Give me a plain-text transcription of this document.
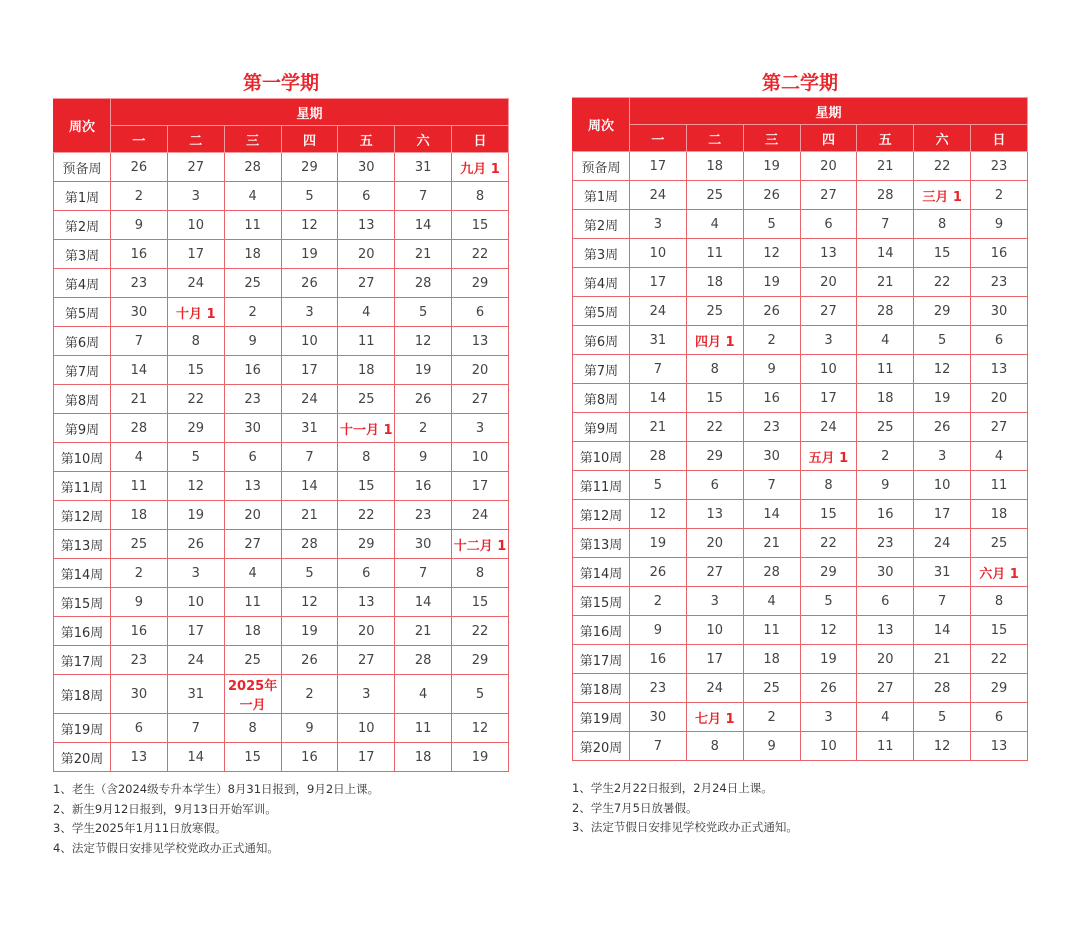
第一学期
周次	星期						
	一	二	三	四	五	六	日
预备周	26	27	28	29	30	31	九月 1
第1周	2	3	4	5	6	7	8
第2周	9	10	11	12	13	14	15
第3周	16	17	18	19	20	21	22
第4周	23	24	25	26	27	28	29
第5周	30	十月 1	2	3	4	5	6
第6周	7	8	9	10	11	12	13
第7周	14	15	16	17	18	19	20
第8周	21	22	23	24	25	26	27
第9周	28	29	30	31	十一月 1	2	3
第10周	4	5	6	7	8	9	10
第11周	11	12	13	14	15	16	17
第12周	18	19	20	21	22	23	24
第13周	25	26	27	28	29	30	十二月 1
第14周	2	3	4	5	6	7	8
第15周	9	10	11	12	13	14	15
第16周	16	17	18	19	20	21	22
第17周	23	24	25	26	27	28	29
第18周	30	31	2025年一月	2	3	4	5
第19周	6	7	8	9	10	11	12
第20周	13	14	15	16	17	18	19
1、老生（含2024级专升本学生）8月31日报到，9月2日上课。
2、新生9月12日报到，9月13日开始军训。
3、学生2025年1月11日放寒假。
4、法定节假日安排见学校党政办正式通知。
第二学期
周次	星期						
	一	二	三	四	五	六	日
预备周	17	18	19	20	21	22	23
第1周	24	25	26	27	28	三月 1	2
第2周	3	4	5	6	7	8	9
第3周	10	11	12	13	14	15	16
第4周	17	18	19	20	21	22	23
第5周	24	25	26	27	28	29	30
第6周	31	四月 1	2	3	4	5	6
第7周	7	8	9	10	11	12	13
第8周	14	15	16	17	18	19	20
第9周	21	22	23	24	25	26	27
第10周	28	29	30	五月 1	2	3	4
第11周	5	6	7	8	9	10	11
第12周	12	13	14	15	16	17	18
第13周	19	20	21	22	23	24	25
第14周	26	27	28	29	30	31	六月 1
第15周	2	3	4	5	6	7	8
第16周	9	10	11	12	13	14	15
第17周	16	17	18	19	20	21	22
第18周	23	24	25	26	27	28	29
第19周	30	七月 1	2	3	4	5	6
第20周	7	8	9	10	11	12	13
1、学生2月22日报到，2月24日上课。
2、学生7月5日放暑假。
3、法定节假日安排见学校党政办正式通知。
